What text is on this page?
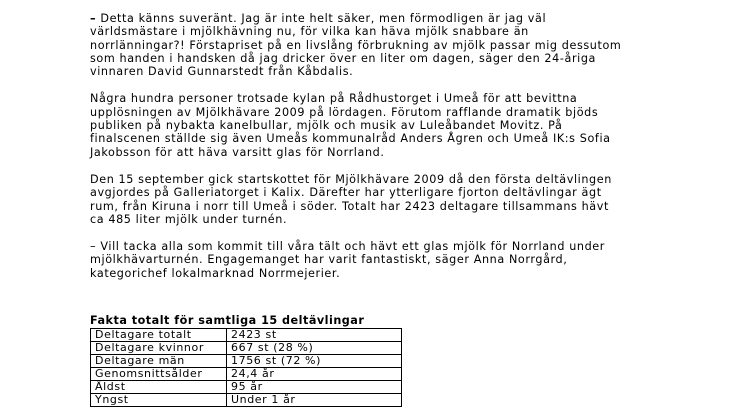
– Detta känns suveränt. Jag är inte helt säker, men förmodligen är jag väl
världsmästare i mjölkhävning nu, för vilka kan häva mjölk snabbare än
norrlänningar?! Förstapriset på en livslång förbrukning av mjölk passar mig dessutom
som handen i handsken då jag dricker över en liter om dagen, säger den 24-åriga
vinnaren David Gunnarstedt från Kåbdalis.

Några hundra personer trotsade kylan på Rådhustorget i Umeå för att bevittna
upplösningen av Mjölkhävare 2009 på lördagen. Förutom rafflande dramatik bjöds
publiken på nybakta kanelbullar, mjölk och musik av Luleåbandet Movitz. På
finalscenen ställde sig även Umeås kommunalråd Anders Ågren och Umeå IK:s Sofia
Jakobsson för att häva varsitt glas för Norrland.

Den 15 september gick startskottet för Mjölkhävare 2009 då den första deltävlingen
avgjordes på Galleriatorget i Kalix. Därefter har ytterligare fjorton deltävlingar ägt
rum, från Kiruna i norr till Umeå i söder. Totalt har 2423 deltagare tillsammans hävt
ca 485 liter mjölk under turnén.

– Vill tacka alla som kommit till våra tält och hävt ett glas mjölk för Norrland under
mjölkhävarturnén. Engagemanget har varit fantastiskt, säger Anna Norrgård,
kategorichef lokalmarknad Norrmejerier.

Fakta totalt för samtliga 15 deltävlingar

Deltagare totalt	2423 st
Deltagare kvinnor	667 st (28 %)
Deltagare män	1756 st (72 %)
Genomsnittsålder	24,4 år
Äldst	95 år
Yngst	Under 1 år
